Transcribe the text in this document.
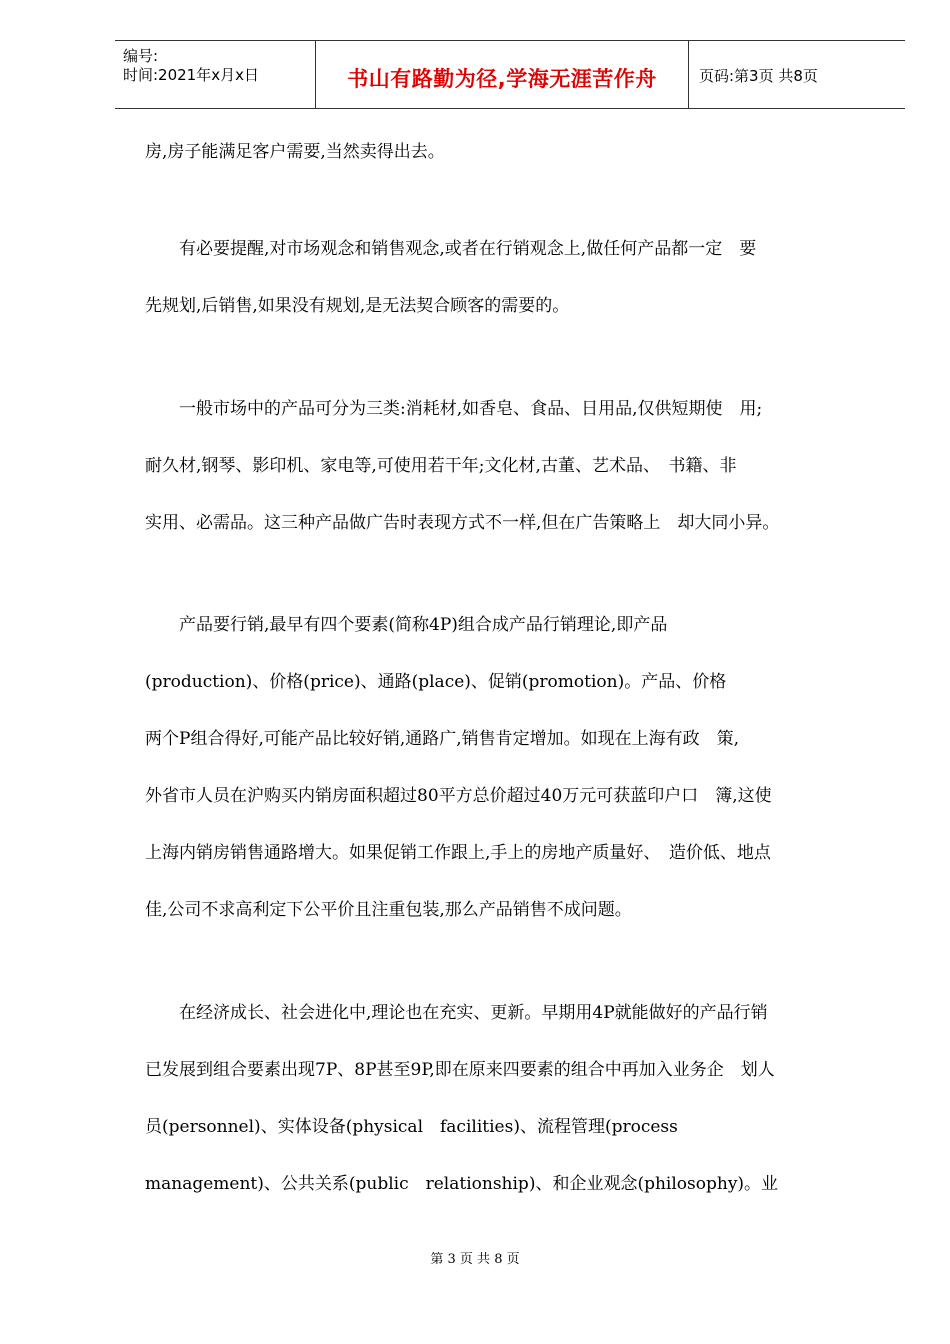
编号:
时间:2021年x月x日	书山有路勤为径,学海无涯苦作舟	页码:第3页 共8页
房,房子能满足客户需要,当然卖得出去。
　　有必要提醒,对市场观念和销售观念,或者在行销观念上,做任何产品都一定　要
先规划,后销售,如果没有规划,是无法契合顾客的需要的。
　　一般市场中的产品可分为三类:消耗材,如香皂、食品、日用品,仅供短期使　用;
耐久材,钢琴、影印机、家电等,可使用若干年;文化材,古董、艺术品、　书籍、非
实用、必需品。这三种产品做广告时表现方式不一样,但在广告策略上　却大同小异。
　　产品要行销,最早有四个要素(简称4P)组合成产品行销理论,即产品
(production)、价格(price)、通路(place)、促销(promotion)。产品、价格
两个P组合得好,可能产品比较好销,通路广,销售肯定增加。如现在上海有政　策,
外省市人员在沪购买内销房面积超过80平方总价超过40万元可获蓝印户口　簿,这使
上海内销房销售通路增大。如果促销工作跟上,手上的房地产质量好、　造价低、地点
佳,公司不求高利定下公平价且注重包装,那么产品销售不成问题。
　　在经济成长、社会进化中,理论也在充实、更新。早期用4P就能做好的产品行销
已发展到组合要素出现7P、8P甚至9P,即在原来四要素的组合中再加入业务企　划人
员(personnel)、实体设备(physical　facilities)、流程管理(process
management)、公共关系(public　relationship)、和企业观念(philosophy)。业
第 3 页 共 8 页
